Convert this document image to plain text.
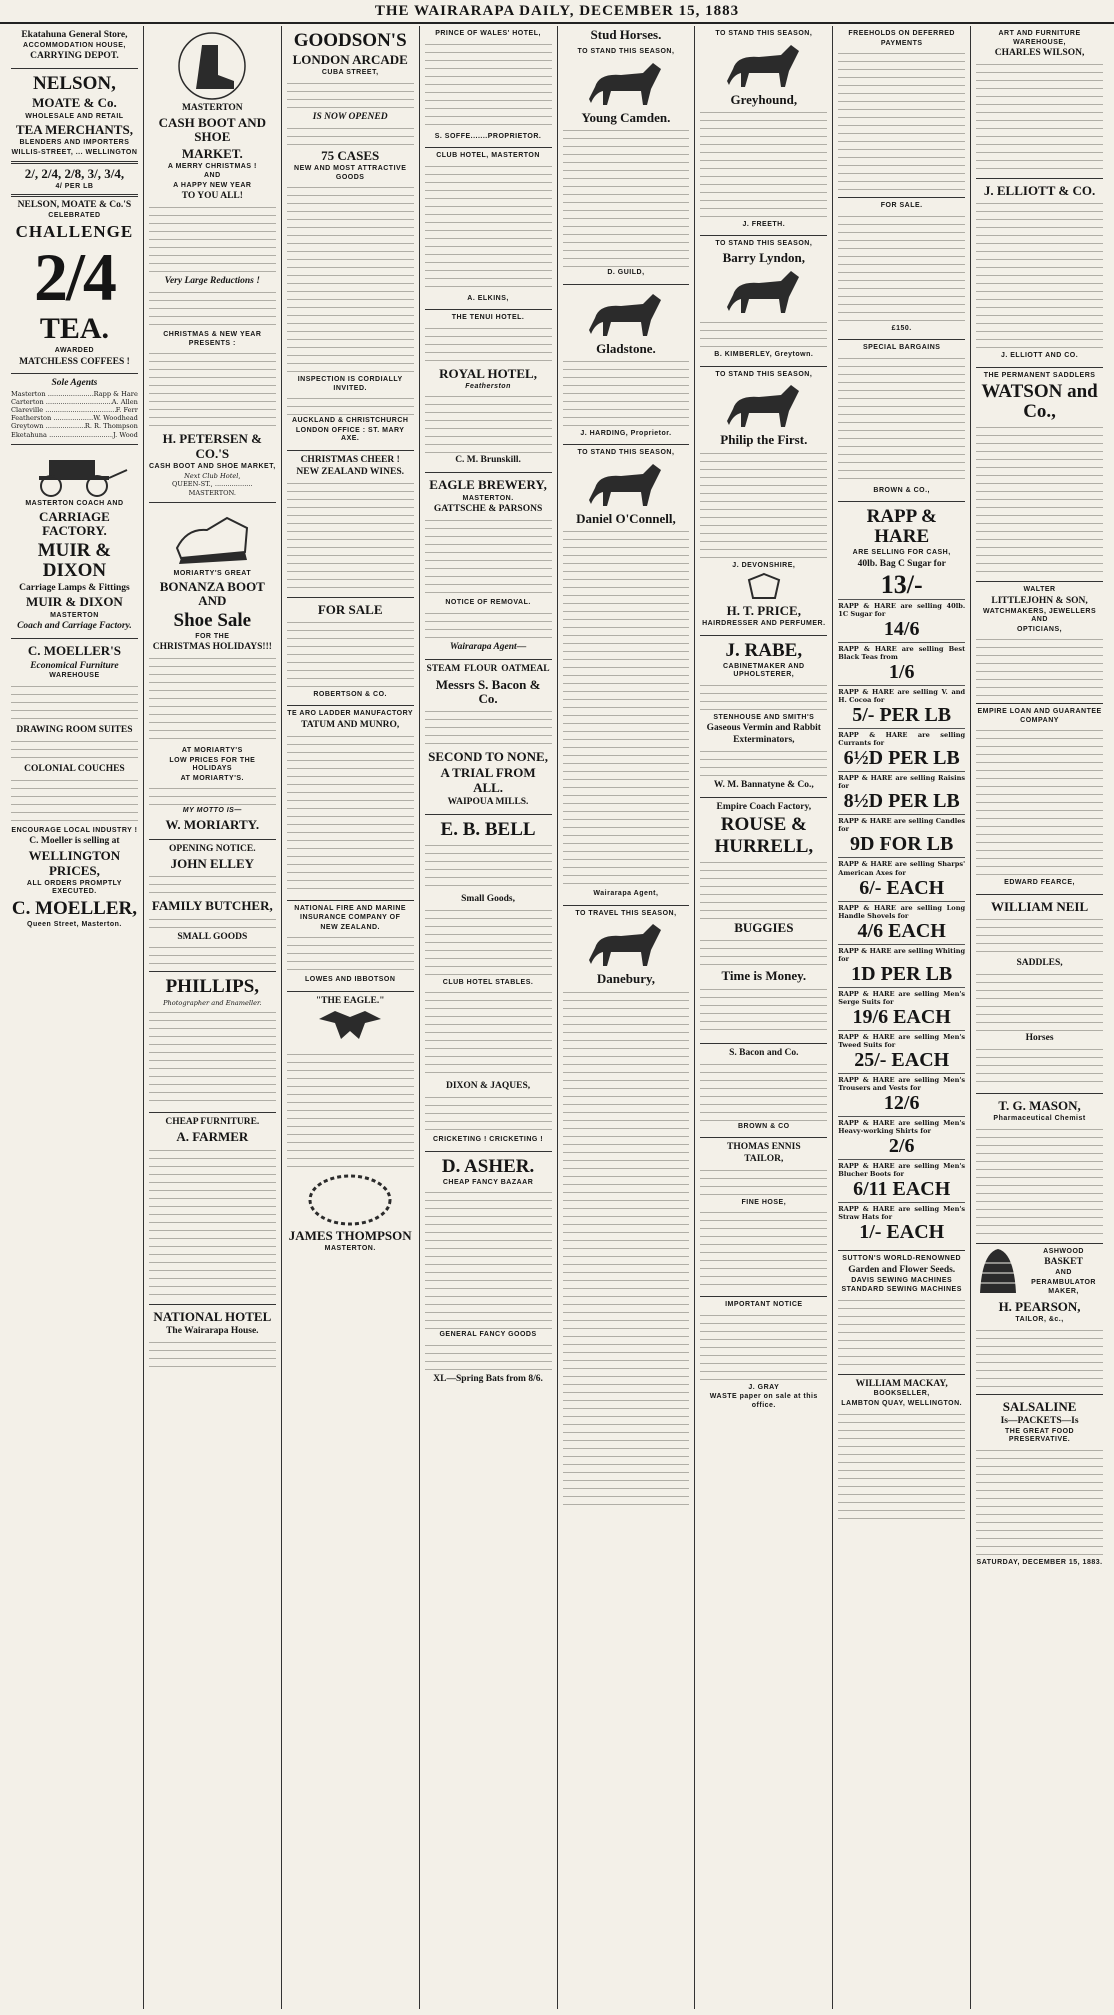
THE WAIRARAPA DAILY, DECEMBER 15, 1883
Ekatahuna General Store,
ACCOMMODATION HOUSE,
CARRYING DEPOT.
NELSON,
MOATE & Co.
WHOLESALE AND RETAIL
TEA MERCHANTS,
BLENDERS AND IMPORTERS
WILLIS-STREET, ... WELLINGTON
2/, 2/4, 2/8, 3/, 3/4,
4/ PER LB
NELSON, MOATE & Co.'S
CELEBRATED
CHALLENGE
2/4
TEA.
AWARDED
MATCHLESS COFFEES !
Sole Agents
Masterton .....	Rapp & Hare
Carterton .....	A. Allen
Clareville .....	F. Ferr
Featherston .....	W. Woodhead
Greytown .....	R. R. Thompson
Eketahuna .....	J. Wood
MASTERTON COACH AND
CARRIAGE FACTORY.
MUIR & DIXON
Carriage Lamps & Fittings
MUIR & DIXON
MASTERTON
Coach and Carriage Factory.
C. MOELLER'S
Economical Furniture
WAREHOUSE
DRAWING ROOM SUITES
COLONIAL COUCHES
ENCOURAGE LOCAL INDUSTRY !
C. Moeller is selling at
WELLINGTON PRICES,
ALL ORDERS PROMPTLY EXECUTED.
C. MOELLER,
Queen Street, Masterton.
MASTERTON
CASH BOOT AND SHOE
MARKET.
A MERRY CHRISTMAS !
AND
A HAPPY NEW YEAR
TO YOU ALL!
Very Large Reductions !
CHRISTMAS & NEW YEAR PRESENTS :
H. PETERSEN & CO.'S
CASH BOOT AND SHOE MARKET,
Next Club Hotel,
QUEEN-ST., .................. MASTERTON.
MORIARTY'S GREAT
BONANZA BOOT AND
Shoe Sale
FOR THE
CHRISTMAS HOLIDAYS!!!
AT MORIARTY'S
LOW PRICES FOR THE HOLIDAYS
AT MORIARTY'S.
MY MOTTO IS—
W. MORIARTY.
OPENING NOTICE.
JOHN ELLEY
FAMILY BUTCHER,
SMALL GOODS
PHILLIPS,
Photographer and Enameller.
CHEAP FURNITURE.
A. FARMER
NATIONAL HOTEL
The Wairarapa House.
GOODSON'S
LONDON ARCADE
CUBA STREET,
IS NOW OPENED
75 CASES
NEW AND MOST ATTRACTIVE GOODS
INSPECTION IS CORDIALLY INVITED.
AUCKLAND & CHRISTCHURCH
LONDON OFFICE : ST. MARY AXE.
CHRISTMAS CHEER !
NEW ZEALAND WINES.
FOR SALE
ROBERTSON & CO.
TE ARO LADDER MANUFACTORY
TATUM AND MUNRO,
NATIONAL FIRE AND MARINE
INSURANCE COMPANY OF
NEW ZEALAND.
LOWES AND IBBOTSON
"THE EAGLE."
JAMES THOMPSON
MASTERTON.
PRINCE OF WALES' HOTEL,
S. SOFFE.......PROPRIETOR.
CLUB HOTEL, MASTERTON
A. ELKINS,
THE TENUI HOTEL.
ROYAL HOTEL,
Featherston
C. M. Brunskill.
EAGLE BREWERY,
MASTERTON.
GATTSCHE & PARSONS
NOTICE OF REMOVAL.
Wairarapa Agent—
STEAM FLOUR OATMEAL
Messrs S. Bacon & Co.
SECOND TO NONE,
A TRIAL FROM ALL.
WAIPOUA MILLS.
E. B. BELL
Small Goods,
CLUB HOTEL STABLES.
DIXON & JAQUES,
CRICKETING ! CRICKETING !
D. ASHER.
CHEAP FANCY BAZAAR
GENERAL FANCY GOODS
XL—Spring Bats from 8/6.
Stud Horses.
TO STAND THIS SEASON,
Young Camden.
D. GUILD,
Gladstone.
J. HARDING, Proprietor.
TO STAND THIS SEASON,
Daniel O'Connell,
Wairarapa Agent,
TO TRAVEL THIS SEASON,
Danebury,
TO STAND THIS SEASON,
Greyhound,
J. FREETH.
TO STAND THIS SEASON,
Barry Lyndon,
B. KIMBERLEY, Greytown.
TO STAND THIS SEASON,
Philip the First.
J. DEVONSHIRE,
H. T. PRICE,
HAIRDRESSER AND PERFUMER.
J. RABE,
CABINETMAKER AND UPHOLSTERER,
STENHOUSE AND SMITH'S
Gaseous Vermin and Rabbit
Exterminators,
W. M. Bannatyne & Co.,
Empire Coach Factory,
ROUSE &
HURRELL,
BUGGIES
Time is Money.
S. Bacon and Co.
BROWN & CO
THOMAS ENNIS
TAILOR,
FINE HOSE,
IMPORTANT NOTICE
J. GRAY
WASTE paper on sale at this office.
FREEHOLDS ON DEFERRED
PAYMENTS
FOR SALE.
£150.
SPECIAL BARGAINS
BROWN & CO.,
RAPP & HARE
ARE SELLING FOR CASH,
40lb. Bag C Sugar for
13/-
RAPP & HARE are selling 40lb. 1C Sugar for
14/6
RAPP & HARE are selling Best Black Teas from
1/6
RAPP & HARE are selling V. and H. Cocoa for
5/- PER LB
RAPP & HARE are selling Currants for
6½D PER LB
RAPP & HARE are selling Raisins for
8½D PER LB
RAPP & HARE are selling Candles for
9D FOR LB
RAPP & HARE are selling Sharps' American Axes for
6/- EACH
RAPP & HARE are selling Long Handle Shovels for
4/6 EACH
RAPP & HARE are selling Whiting for
1D PER LB
RAPP & HARE are selling Men's Serge Suits for
19/6 EACH
RAPP & HARE are selling Men's Tweed Suits for
25/- EACH
RAPP & HARE are selling Men's Trousers and Vests for
12/6
RAPP & HARE are selling Men's Heavy-working Shirts for
2/6
RAPP & HARE are selling Men's Blucher Boots for
6/11 EACH
RAPP & HARE are selling Men's Straw Hats for
1/- EACH
SUTTON'S WORLD-RENOWNED
Garden and Flower Seeds.
DAVIS SEWING MACHINES
STANDARD SEWING MACHINES
WILLIAM MACKAY,
BOOKSELLER,
LAMBTON QUAY, WELLINGTON.
ART AND FURNITURE WAREHOUSE,
CHARLES WILSON,
J. ELLIOTT & CO.
J. ELLIOTT AND CO.
THE PERMANENT SADDLERS
WATSON and Co.,
WALTER
LITTLEJOHN & SON,
WATCHMAKERS, JEWELLERS AND
OPTICIANS,
EMPIRE LOAN AND GUARANTEE COMPANY
EDWARD FEARCE,
WILLIAM NEIL
SADDLES,
Horses
T. G. MASON,
Pharmaceutical Chemist
ASHWOOD
BASKET
AND
PERAMBULATOR
MAKER,
H. PEARSON,
TAILOR, &c.,
SALSALINE
Is—PACKETS—Is
THE GREAT FOOD PRESERVATIVE.
SATURDAY, DECEMBER 15, 1883.
